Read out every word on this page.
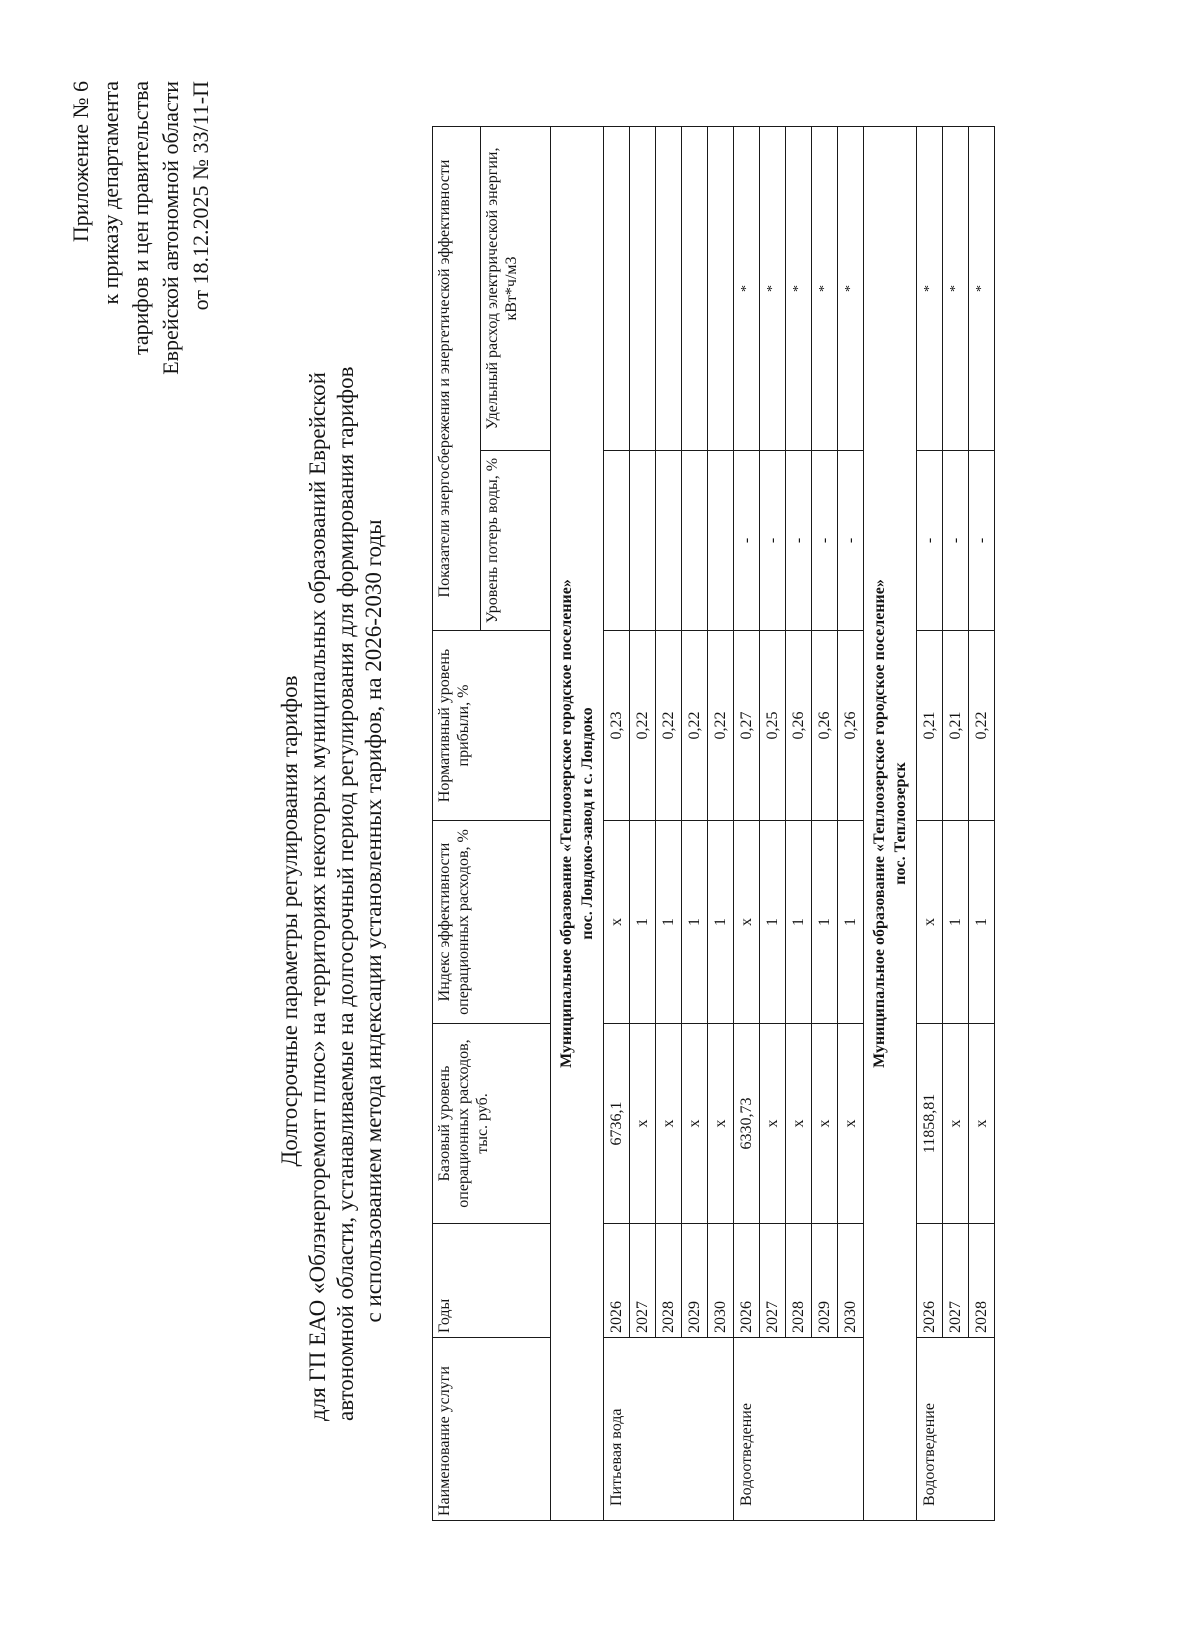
Приложение № 6 к приказу департамента тарифов и цен правительства Еврейской автономной области от 18.12.2025 № 33/11-П
Долгосрочные параметры регулирования тарифов для ГП ЕАО «Облэнергоремонт плюс» на территориях некоторых муниципальных образований Еврейской автономной области, устанавливаемые на долгосрочный период регулирования для формирования тарифов с использованием метода индексации установленных тарифов, на 2026-2030 годы
Наименование услуги	Годы	Базовый уровень операционных расходов, тыс. руб.	Индекс эффективности операционных расходов, %	Нормативный уровень прибыли, %	Показатели энергосбережения и энергетической эффективности	
					Уровень потерь воды, %	Удельный расход электрической энергии, кВт*ч/м3

Муниципальное образование «Теплоозерское городское поселение» пос. Лондоко-завод и с. Лондоко						

Питьевая вода	2026	6736,1	х	0,23		
	2027	х	1	0,22		
	2028	х	1	0,22		
	2029	х	1	0,22		
	2030	х	1	0,22		
Водоотведение	2026	6330,73	х	0,27	-	*
	2027	х	1	0,25	-	*
	2028	х	1	0,26	-	*
	2029	х	1	0,26	-	*
	2030	х	1	0,26	-	*

Муниципальное образование «Теплоозерское городское поселение» пос. Теплоозерск						

Водоотведение	2026	11858,81	х	0,21	-	*
	2027	х	1	0,21	-	*
	2028	х	1	0,22	-	*
